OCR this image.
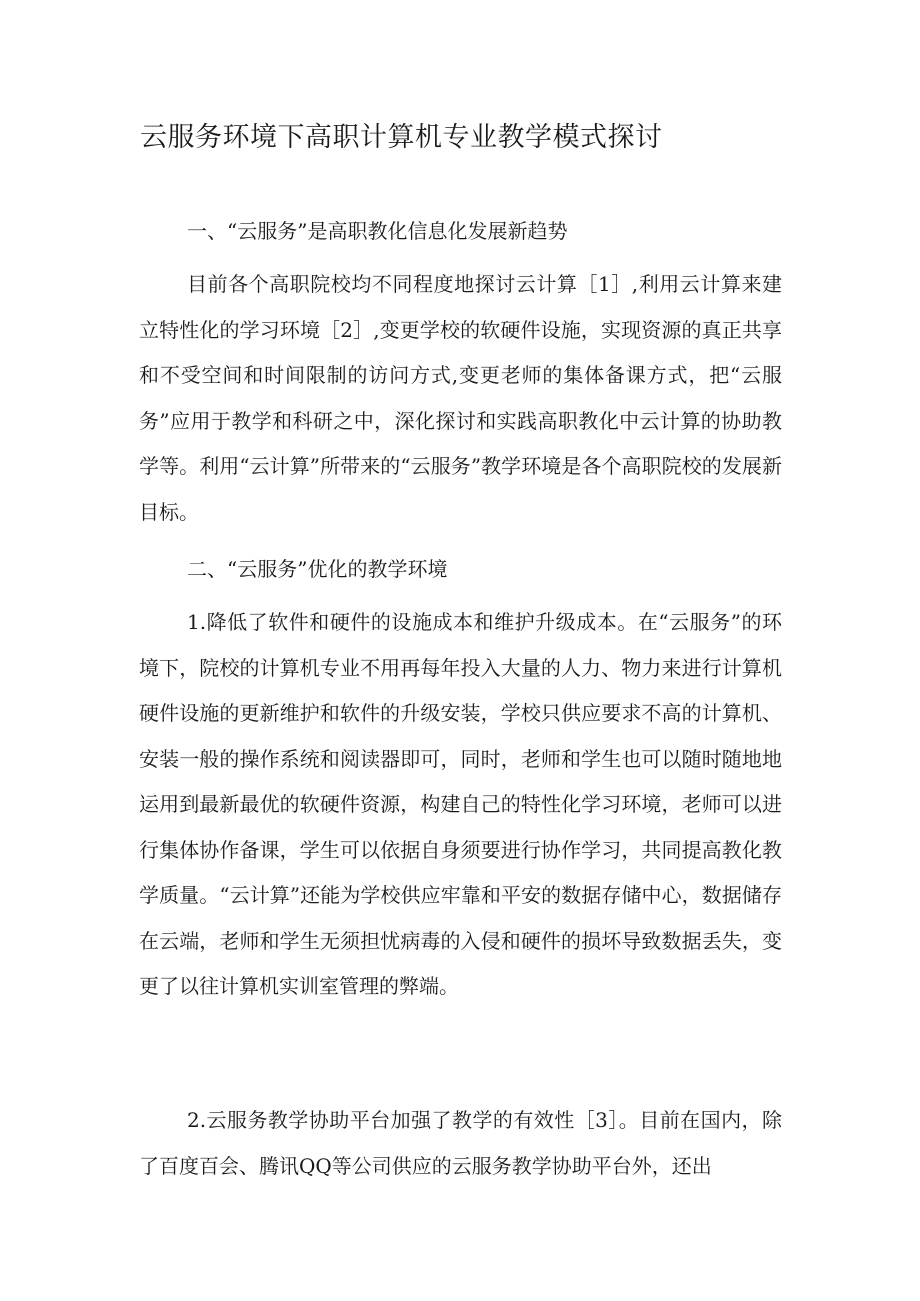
云服务环境下高职计算机专业教学模式探讨
一、“云服务”是高职教化信息化发展新趋势

目前各个高职院校均不同程度地探讨云计算［1］,利用云计算来建立特性化的学习环境［2］,变更学校的软硬件设施，实现资源的真正共享和不受空间和时间限制的访问方式,变更老师的集体备课方式，把“云服务”应用于教学和科研之中，深化探讨和实践高职教化中云计算的协助教学等。利用“云计算”所带来的“云服务”教学环境是各个高职院校的发展新目标。

二、“云服务”优化的教学环境

1.降低了软件和硬件的设施成本和维护升级成本。在“云服务”的环境下，院校的计算机专业不用再每年投入大量的人力、物力来进行计算机硬件设施的更新维护和软件的升级安装，学校只供应要求不高的计算机、安装一般的操作系统和阅读器即可，同时，老师和学生也可以随时随地地运用到最新最优的软硬件资源，构建自己的特性化学习环境，老师可以进行集体协作备课，学生可以依据自身须要进行协作学习，共同提高教化教学质量。“云计算”还能为学校供应牢靠和平安的数据存储中心，数据储存在云端，老师和学生无须担忧病毒的入侵和硬件的损坏导致数据丢失，变更了以往计算机实训室管理的弊端。

2.云服务教学协助平台加强了教学的有效性［3］。目前在国内，除了百度百会、腾讯QQ等公司供应的云服务教学协助平台外，还出
